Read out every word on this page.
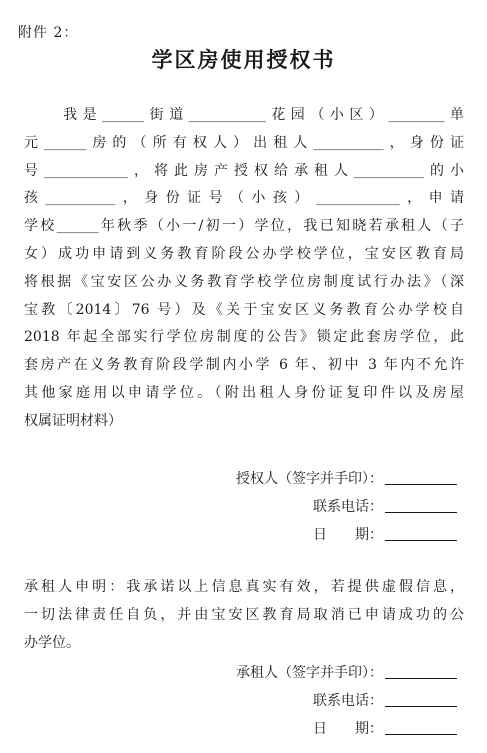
附件 2：
学区房使用授权书
　　我是______街道___________花园（小区）________单
元______房的（所有权人）出租人__________，身份证
号____________，将此房产授权给承租人__________的小
孩__________，身份证号（小孩）____________，申请
学校______年秋季（小一/初一）学位，我已知晓若承租人（子
女）成功申请到义务教育阶段公办学校学位，宝安区教育局
将根据《宝安区公办义务教育学校学位房制度试行办法》（深
宝教〔2014〕76 号）及《关于宝安区义务教育公办学校自
2018 年起全部实行学位房制度的公告》锁定此套房学位，此
套房产在义务教育阶段学制内小学 6 年、初中 3 年内不允许
其他家庭用以申请学位。（附出租人身份证复印件以及房屋
权属证明材料）
授权人（签字并手印）：
联系电话：
日　　期：
承租人申明：我承诺以上信息真实有效，若提供虚假信息，
一切法律责任自负，并由宝安区教育局取消已申请成功的公
办学位。
承租人（签字并手印）：
联系电话：
日　　期：
